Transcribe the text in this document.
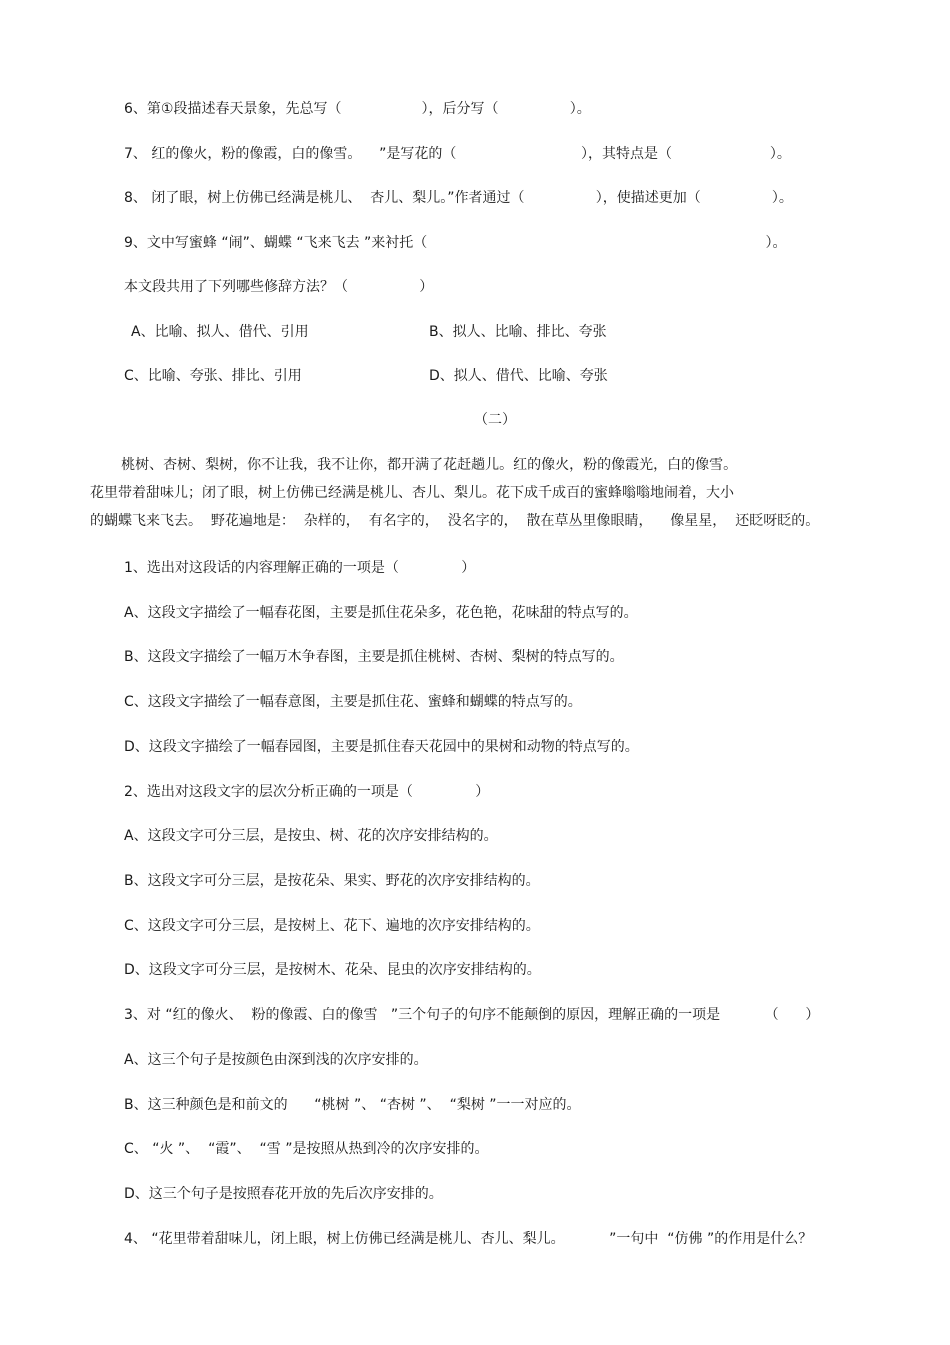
6、第①段描述春天景象，先总写（                  ），后分写（                ）。
7、 红的像火，粉的像霞，白的像雪。    ”是写花的（                            ），其特点是（                      ）。
8、 闭了眼，树上仿佛已经满是桃儿、  杏儿、梨儿。”作者通过（                ），使描述更加（                ）。
9、文中写蜜蜂 “闹”、蝴蝶 “飞来飞去 ”来衬托（                                                                            ）。
本文段共用了下列哪些修辞方法？（                ）
A、比喻、拟人、借代、引用	B、拟人、比喻、排比、夸张
C、比喻、夸张、排比、引用	D、拟人、借代、比喻、夸张
（二）
桃树、杏树、梨树，你不让我，我不让你，都开满了花赶趟儿。红的像火，粉的像霞光，白的像雪。
花里带着甜味儿；闭了眼，树上仿佛已经满是桃儿、杏儿、梨儿。花下成千成百的蜜蜂嗡嗡地闹着，大小
的蝴蝶飞来飞去。  野花遍地是：  杂样的，  有名字的，  没名字的，  散在草丛里像眼睛，    像星星，  还眨呀眨的。
1、选出对这段话的内容理解正确的一项是（              ）
A、这段文字描绘了一幅春花图，主要是抓住花朵多，花色艳，花味甜的特点写的。
B、这段文字描绘了一幅万木争春图，主要是抓住桃树、杏树、梨树的特点写的。
C、这段文字描绘了一幅春意图，主要是抓住花、蜜蜂和蝴蝶的特点写的。
D、这段文字描绘了一幅春园图，主要是抓住春天花园中的果树和动物的特点写的。
2、选出对这段文字的层次分析正确的一项是（              ）
A、这段文字可分三层，是按虫、树、花的次序安排结构的。
B、这段文字可分三层，是按花朵、果实、野花的次序安排结构的。
C、这段文字可分三层，是按树上、花下、遍地的次序安排结构的。
D、这段文字可分三层，是按树木、花朵、昆虫的次序安排结构的。
3、对 “红的像火、  粉的像霞、白的像雪   ”三个句子的句序不能颠倒的原因，理解正确的一项是          （      ）
A、这三个句子是按颜色由深到浅的次序安排的。
B、这三种颜色是和前文的      “桃树 ”、 “杏树 ”、  “梨树 ”一一对应的。
C、 “火 ”、  “霞”、  “雪 ”是按照从热到冷的次序安排的。
D、这三个句子是按照春花开放的先后次序安排的。
4、 “花里带着甜味儿，闭上眼，树上仿佛已经满是桃儿、杏儿、梨儿。          ”一句中  “仿佛 ”的作用是什么？
